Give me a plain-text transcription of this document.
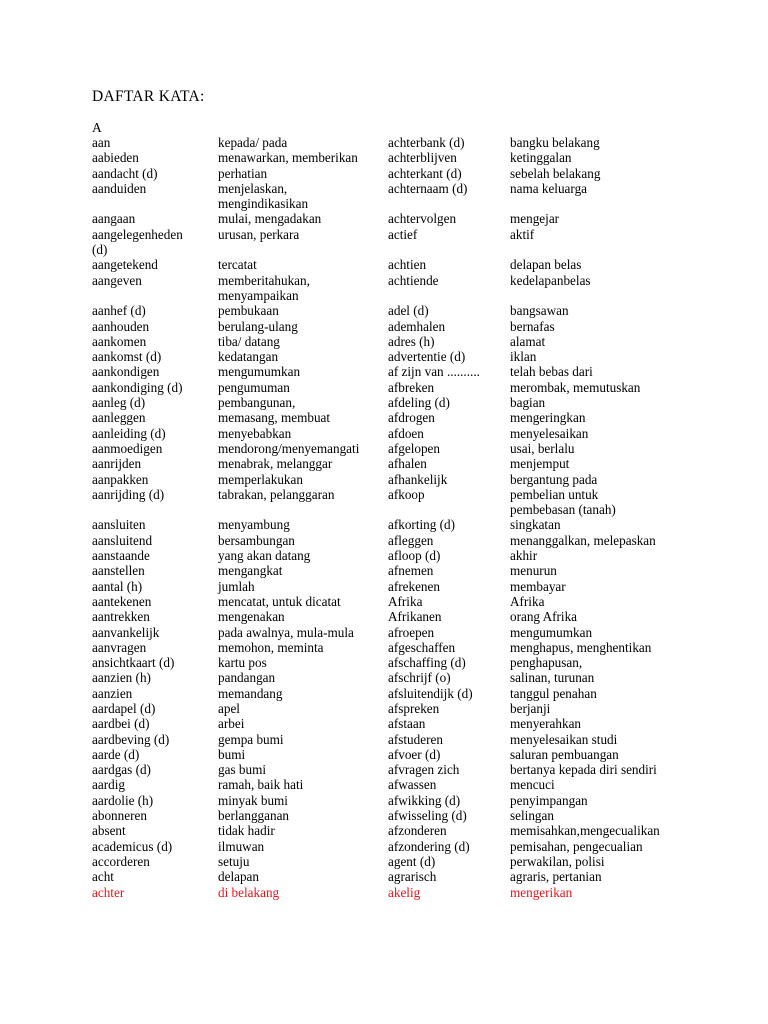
DAFTAR KATA:
A
aan
aabieden
aandacht (d)
aanduiden

aangaan
aangelegenheden
(d)
aangetekend
aangeven

aanhef (d)
aanhouden
aankomen
aankomst (d)
aankondigen
aankondiging (d)
aanleg (d)
aanleggen
aanleiding (d)
aanmoedigen
aanrijden
aanpakken
aanrijding (d)

aansluiten
aansluitend
aanstaande
aanstellen
aantal (h)
aantekenen
aantrekken
aanvankelijk
aanvragen
ansichtkaart (d)
aanzien (h)
aanzien
aardapel (d)
aardbei (d)
aardbeving (d)
aarde (d)
aardgas (d)
aardig
aardolie (h)
abonneren
absent
academicus (d)
accorderen
acht
achter
kepada/ pada
menawarkan, memberikan
perhatian
menjelaskan,
mengindikasikan
mulai, mengadakan
urusan, perkara

tercatat
memberitahukan,
menyampaikan
pembukaan
berulang-ulang
tiba/ datang
kedatangan
mengumumkan
pengumuman
pembangunan,
memasang, membuat
menyebabkan
mendorong/menyemangati
menabrak, melanggar
memperlakukan
tabrakan, pelanggaran

menyambung
bersambungan
yang akan datang
mengangkat
jumlah
mencatat, untuk dicatat
mengenakan
pada awalnya, mula-mula
memohon, meminta
kartu pos
pandangan
memandang
apel
arbei
gempa bumi
bumi
gas bumi
ramah, baik hati
minyak bumi
berlangganan
tidak hadir
ilmuwan
setuju
delapan
di belakang
achterbank (d)
achterblijven
achterkant (d)
achternaam (d)

achtervolgen
actief

achtien
achtiende

adel (d)
ademhalen
adres (h)
advertentie (d)
af zijn van ..........
afbreken
afdeling (d)
afdrogen
afdoen
afgelopen
afhalen
afhankelijk
afkoop

afkorting (d)
afleggen
afloop (d)
afnemen
afrekenen
Afrika
Afrikanen
afroepen
afgeschaffen
afschaffing (d)
afschrijf (o)
afsluitendijk (d)
afspreken
afstaan
afstuderen
afvoer (d)
afvragen zich
afwassen
afwikking (d)
afwisseling (d)
afzonderen
afzondering (d)
agent (d)
agrarisch
akelig
bangku belakang
ketinggalan
sebelah belakang
nama keluarga

mengejar
aktif

delapan belas
kedelapanbelas

bangsawan
bernafas
alamat
iklan
telah bebas dari
merombak, memutuskan
bagian
mengeringkan
menyelesaikan
usai, berlalu
menjemput
bergantung pada
pembelian untuk
pembebasan (tanah)
singkatan
menanggalkan, melepaskan
akhir
menurun
membayar
Afrika
orang Afrika
mengumumkan
menghapus, menghentikan
penghapusan,
salinan, turunan
tanggul penahan
berjanji
menyerahkan
menyelesaikan studi
saluran pembuangan
bertanya kepada diri sendiri
mencuci
penyimpangan
selingan
memisahkan,mengecualikan
pemisahan, pengecualian
perwakilan, polisi
agraris, pertanian
mengerikan
